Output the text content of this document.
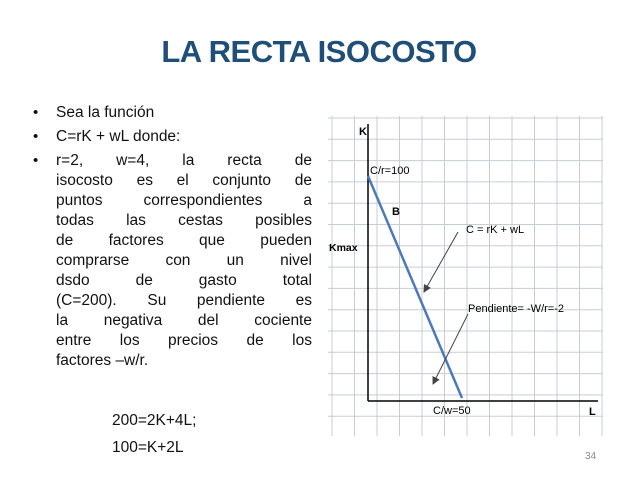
LA RECTA ISOCOSTO
• Sea la función
• C=rK + wL donde:
• r=2, w=4, la recta de
isocosto es el conjunto de
puntos correspondientes a
todas las cestas posibles
de factores que pueden
comprarse con un nivel
dsdo de gasto total
(C=200). Su pendiente es
la negativa del cociente
entre los precios de los
factores –w/r.
200=2K+4L;
100=K+2L
K
L
C/r=100
B
Kmax
C = rK + wL
Pendiente= -W/r=-2
C/w=50
34
